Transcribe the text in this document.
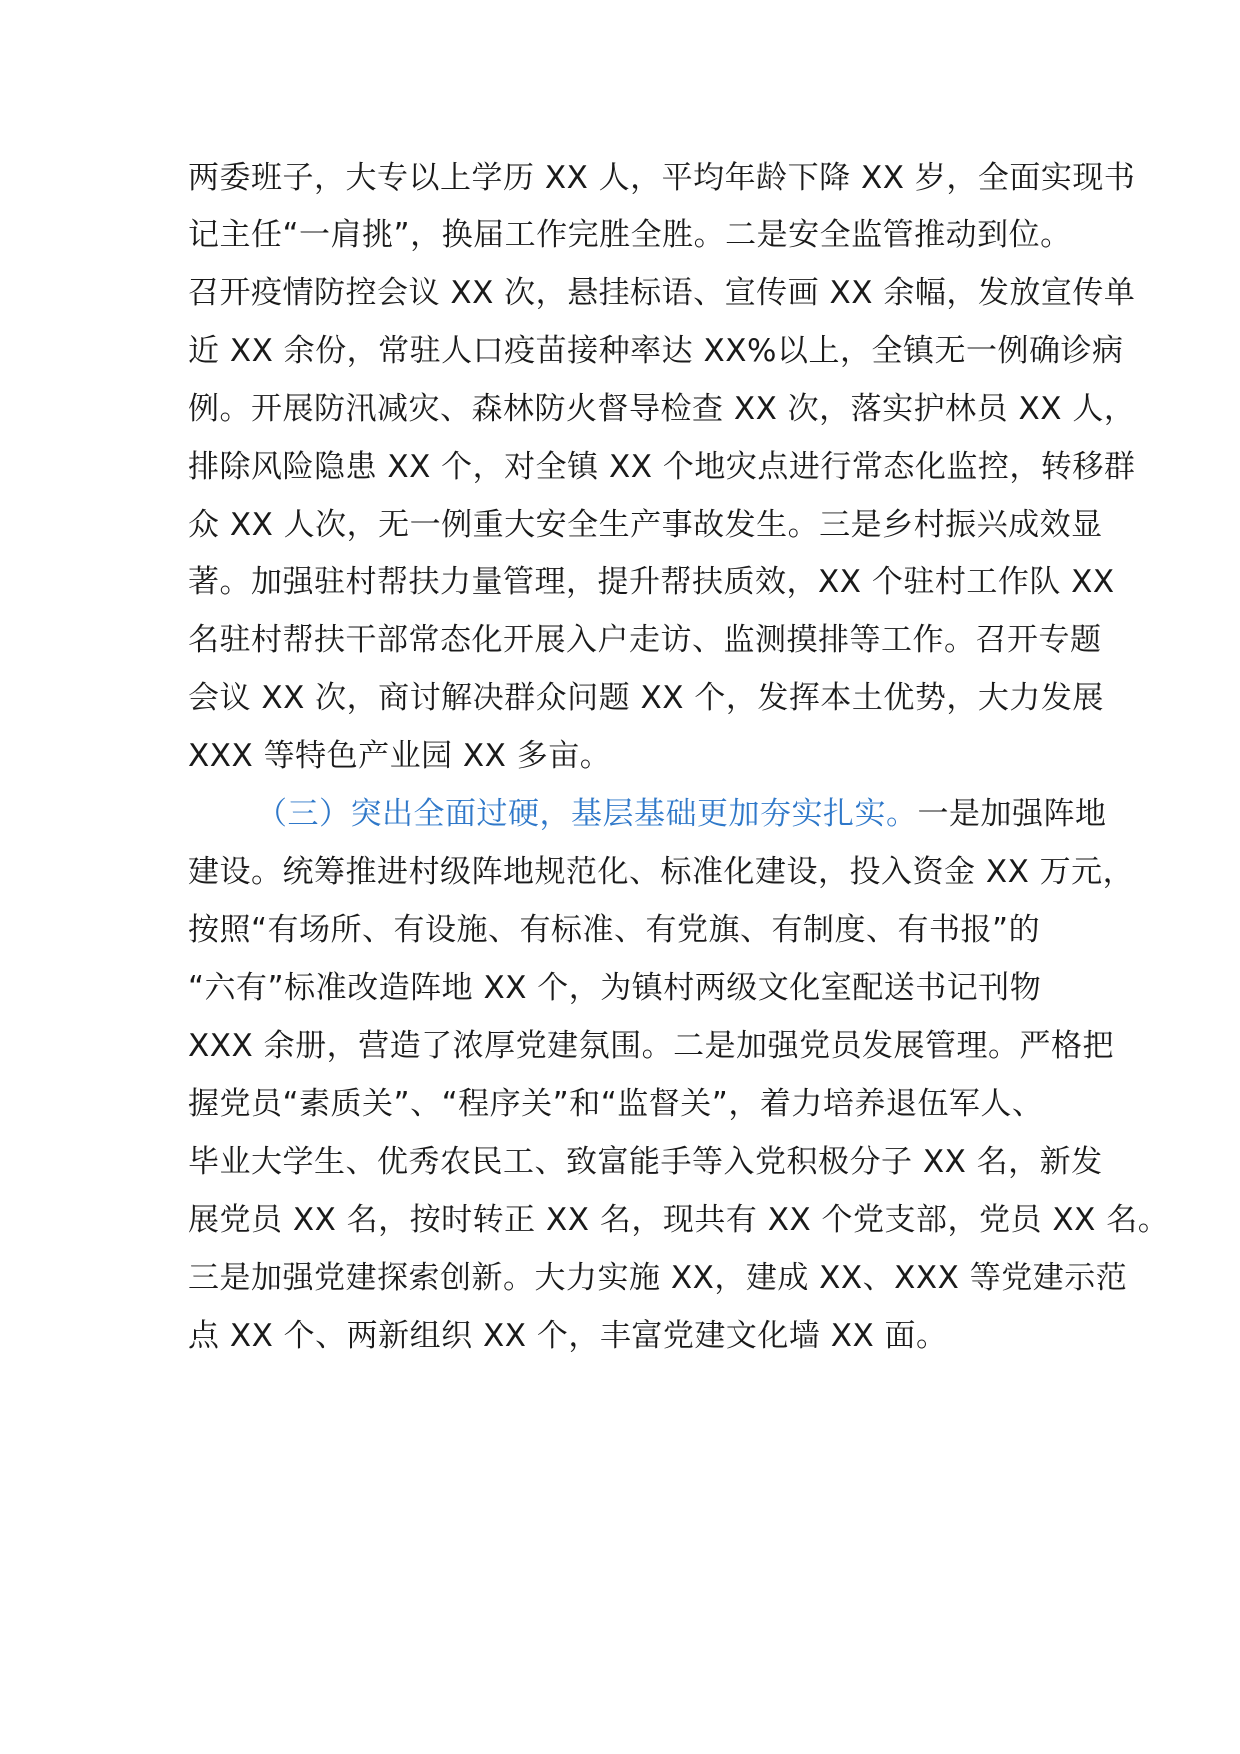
两委班子，大专以上学历 XX 人，平均年龄下降 XX 岁，全面实现书
记主任“一肩挑”，换届工作完胜全胜。二是安全监管推动到位。
召开疫情防控会议 XX 次，悬挂标语、宣传画 XX 余幅，发放宣传单
近 XX 余份，常驻人口疫苗接种率达 XX%以上，全镇无一例确诊病
例。开展防汛减灾、森林防火督导检查 XX 次，落实护林员 XX 人，
排除风险隐患 XX 个，对全镇 XX 个地灾点进行常态化监控，转移群
众 XX 人次，无一例重大安全生产事故发生。三是乡村振兴成效显
著。加强驻村帮扶力量管理，提升帮扶质效，XX 个驻村工作队 XX
名驻村帮扶干部常态化开展入户走访、监测摸排等工作。召开专题
会议 XX 次，商讨解决群众问题 XX 个，发挥本土优势，大力发展
XXX 等特色产业园 XX 多亩。
（三）突出全面过硬，基层基础更加夯实扎实。一是加强阵地
建设。统筹推进村级阵地规范化、标准化建设，投入资金 XX 万元，
按照“有场所、有设施、有标准、有党旗、有制度、有书报”的
“六有”标准改造阵地 XX 个，为镇村两级文化室配送书记刊物
XXX 余册，营造了浓厚党建氛围。二是加强党员发展管理。严格把
握党员“素质关”、“程序关”和“监督关”，着力培养退伍军人、
毕业大学生、优秀农民工、致富能手等入党积极分子 XX 名，新发
展党员 XX 名，按时转正 XX 名，现共有 XX 个党支部，党员 XX 名。
三是加强党建探索创新。大力实施 XX，建成 XX、XXX 等党建示范
点 XX 个、两新组织 XX 个，丰富党建文化墙 XX 面。
